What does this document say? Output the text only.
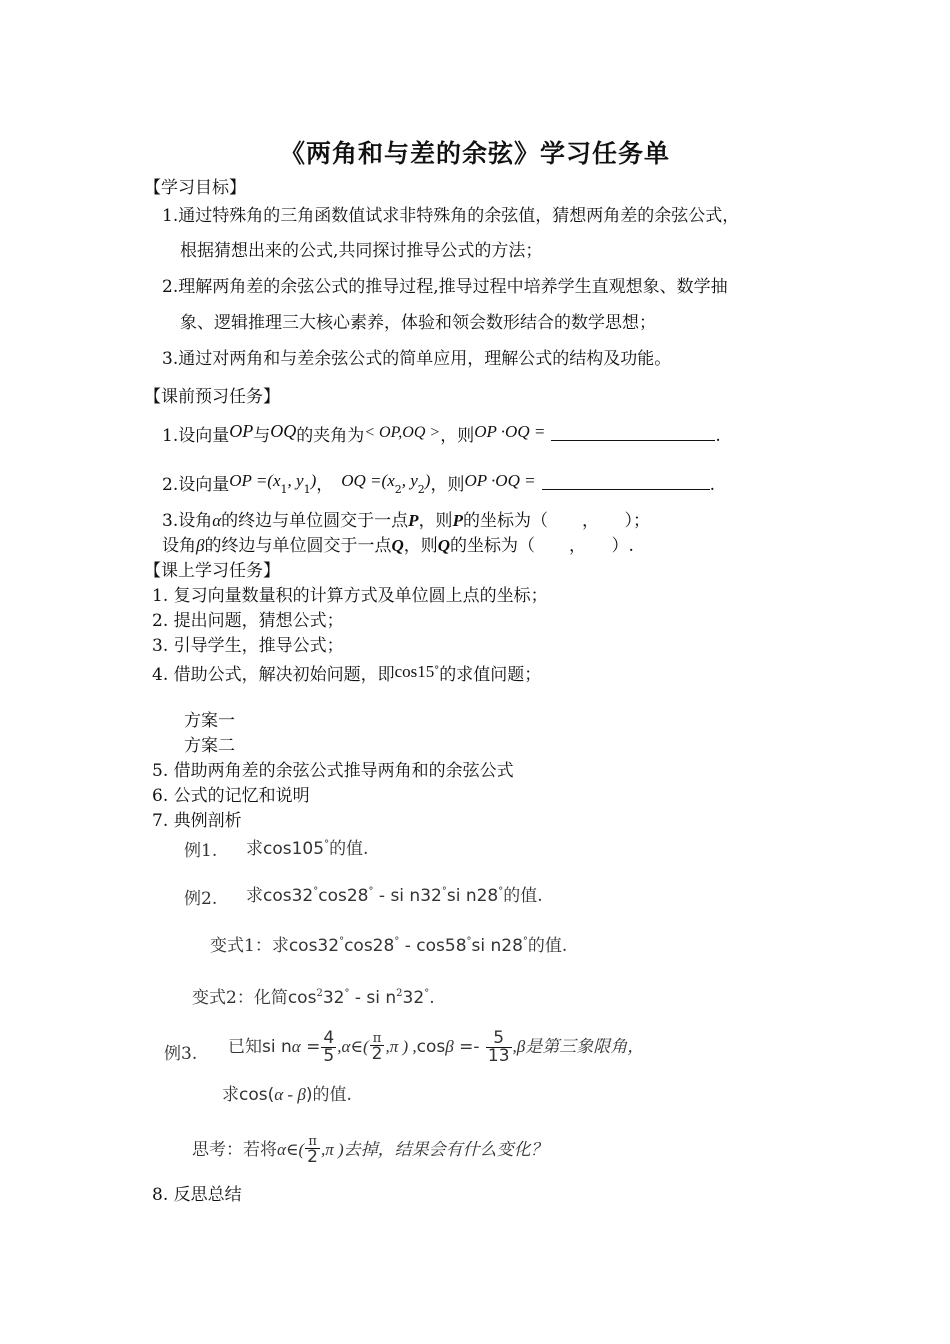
《两角和与差的余弦》学习任务单
【学习目标】
1.通过特殊角的三角函数值试求非特殊角的余弦值，猜想两角差的余弦公式，
根据猜想出来的公式,共同探讨推导公式的方法；
2.理解两角差的余弦公式的推导过程,推导过程中培养学生直观想象、数学抽
象、逻辑推理三大核心素养，体验和领会数形结合的数学思想；
3.通过对两角和与差余弦公式的简单应用，理解公式的结构及功能。
【课前预习任务】
1.设向量OP与OQ的夹角为< OP,OQ >，则OP ·OQ =	.
2.设向量OP $=(x_1$, $y_1$)， OQ $=(x_2$, $y_2$)，则OP ·OQ =	.
3.设角α的终边与单位圆交于一点P，则P的坐标为（　　，　　）；
设角β的终边与单位圆交于一点Q，则Q的坐标为（　　，　　）.
【课上学习任务】
1. 复习向量数量积的计算方式及单位圆上点的坐标；
2. 提出问题，猜想公式；
3. 引导学生，推导公式；
4. 借助公式，解决初始问题，即cos15°的求值问题；
方案一
方案二
5. 借助两角差的余弦公式推导两角和的余弦公式
6. 公式的记忆和说明
7. 典例剖析
例1. 求cos105°的值.
例2. 求cos32°cos28° - si n32°si n28°的值.
变式1：求cos32°cos28° - cos58°si n28°的值.
变式2：化简$\cos^232^\circ$ - si $n^232^\circ$.
例3. 已知si $n\alpha = \frac{4}{5}$ ,α∈( $\frac{\pi}{2} ,\pi$ ) $,\cos\beta =- \frac{5}{13} ,\beta$是第三象限角，
求cos(α - β)的值.
思考：若将α∈( $\frac{\pi}{2} ,\pi$ )去掉，结果会有什么变化？
8. 反思总结
